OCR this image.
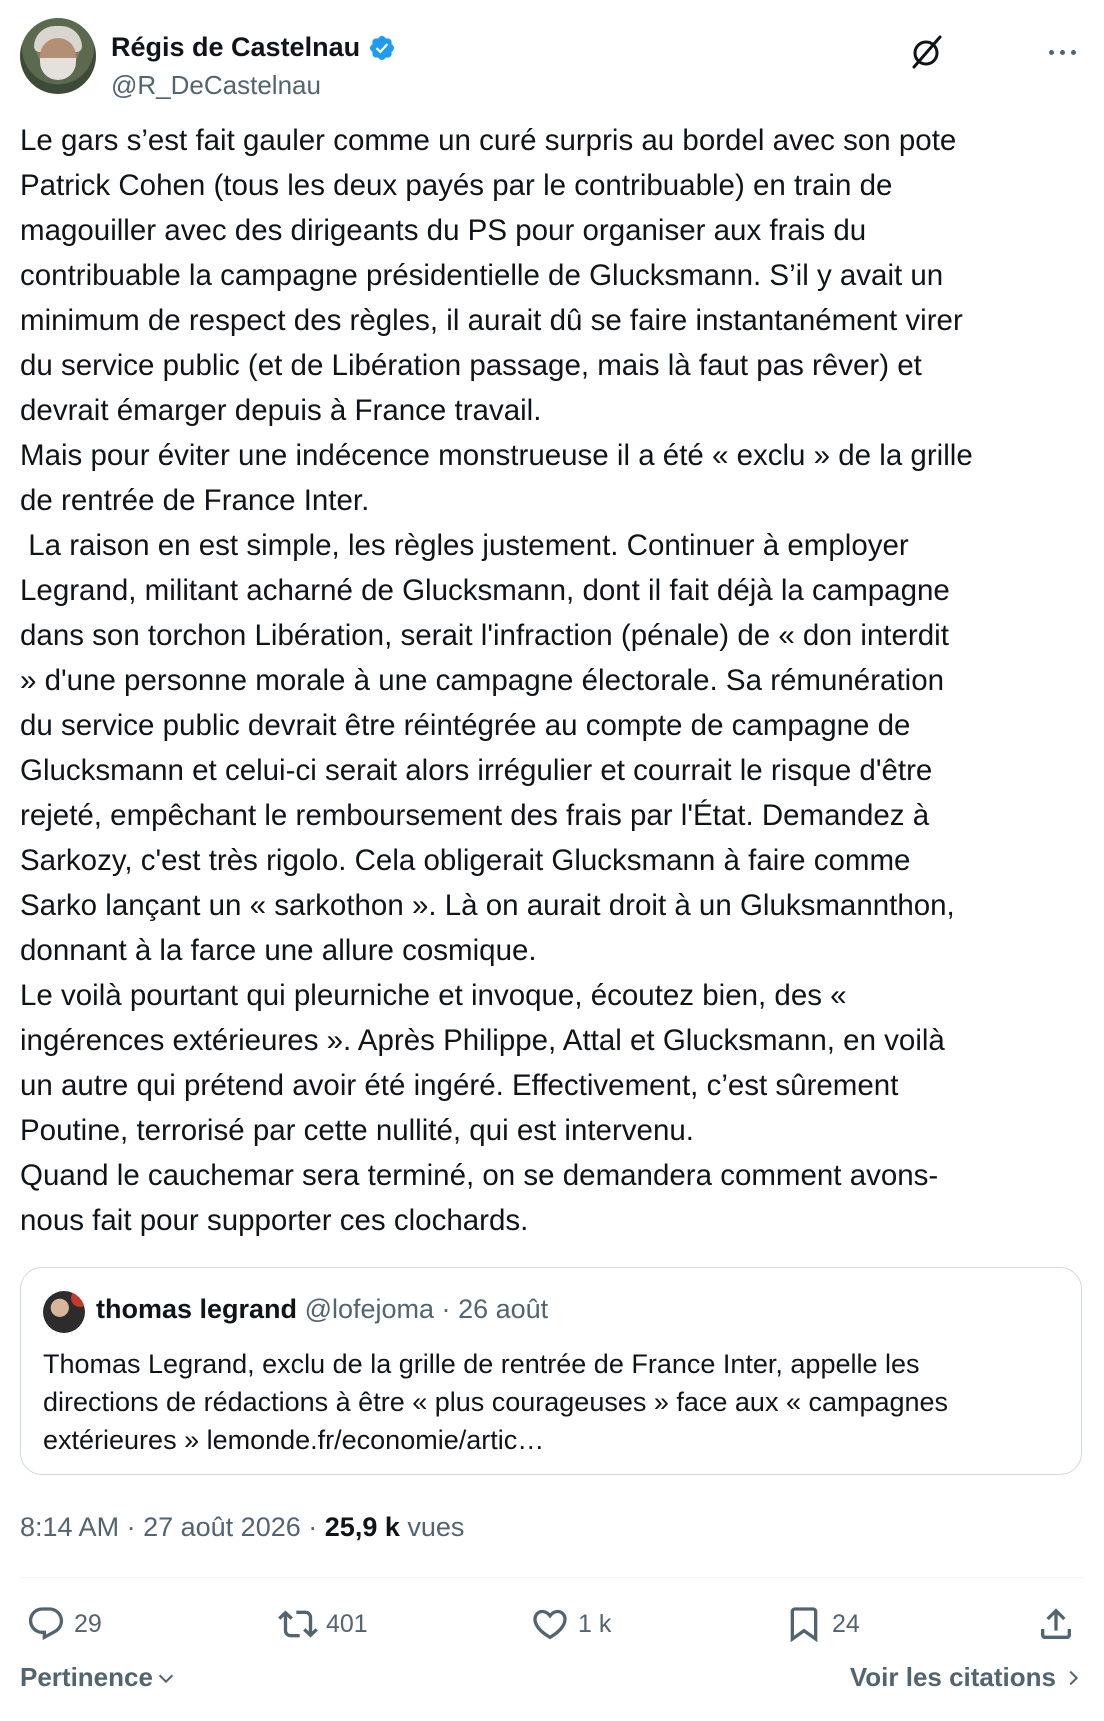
Régis de Castelnau
@R_DeCastelnau

Le gars s’est fait gauler comme un curé surpris au bordel avec son pote
Patrick Cohen (tous les deux payés par le contribuable) en train de
magouiller avec des dirigeants du PS pour organiser aux frais du
contribuable la campagne présidentielle de Glucksmann. S’il y avait un
minimum de respect des règles, il aurait dû se faire instantanément virer
du service public (et de Libération passage, mais là faut pas rêver) et
devrait émarger depuis à France travail.
Mais pour éviter une indécence monstrueuse il a été « exclu » de la grille
de rentrée de France Inter.
La raison en est simple, les règles justement. Continuer à employer
Legrand, militant acharné de Glucksmann, dont il fait déjà la campagne
dans son torchon Libération, serait l'infraction (pénale) de « don interdit
» d'une personne morale à une campagne électorale. Sa rémunération
du service public devrait être réintégrée au compte de campagne de
Glucksmann et celui-ci serait alors irrégulier et courrait le risque d'être
rejeté, empêchant le remboursement des frais par l'État. Demandez à
Sarkozy, c'est très rigolo. Cela obligerait Glucksmann à faire comme
Sarko lançant un « sarkothon ». Là on aurait droit à un Gluksmannthon,
donnant à la farce une allure cosmique.
Le voilà pourtant qui pleurniche et invoque, écoutez bien, des «
ingérences extérieures ». Après Philippe, Attal et Glucksmann, en voilà
un autre qui prétend avoir été ingéré. Effectivement, c’est sûrement
Poutine, terrorisé par cette nullité, qui est intervenu.
Quand le cauchemar sera terminé, on se demandera comment avons-
nous fait pour supporter ces clochards.

thomas legrand @lofejoma · 26 août

Thomas Legrand, exclu de la grille de rentrée de France Inter, appelle les
directions de rédactions à être « plus courageuses » face aux « campagnes
extérieures » lemonde.fr/economie/artic…

8:14 AM · 27 août 2026 · 25,9 k vues
29	401	1 k	24
Pertinence	Voir les citations
